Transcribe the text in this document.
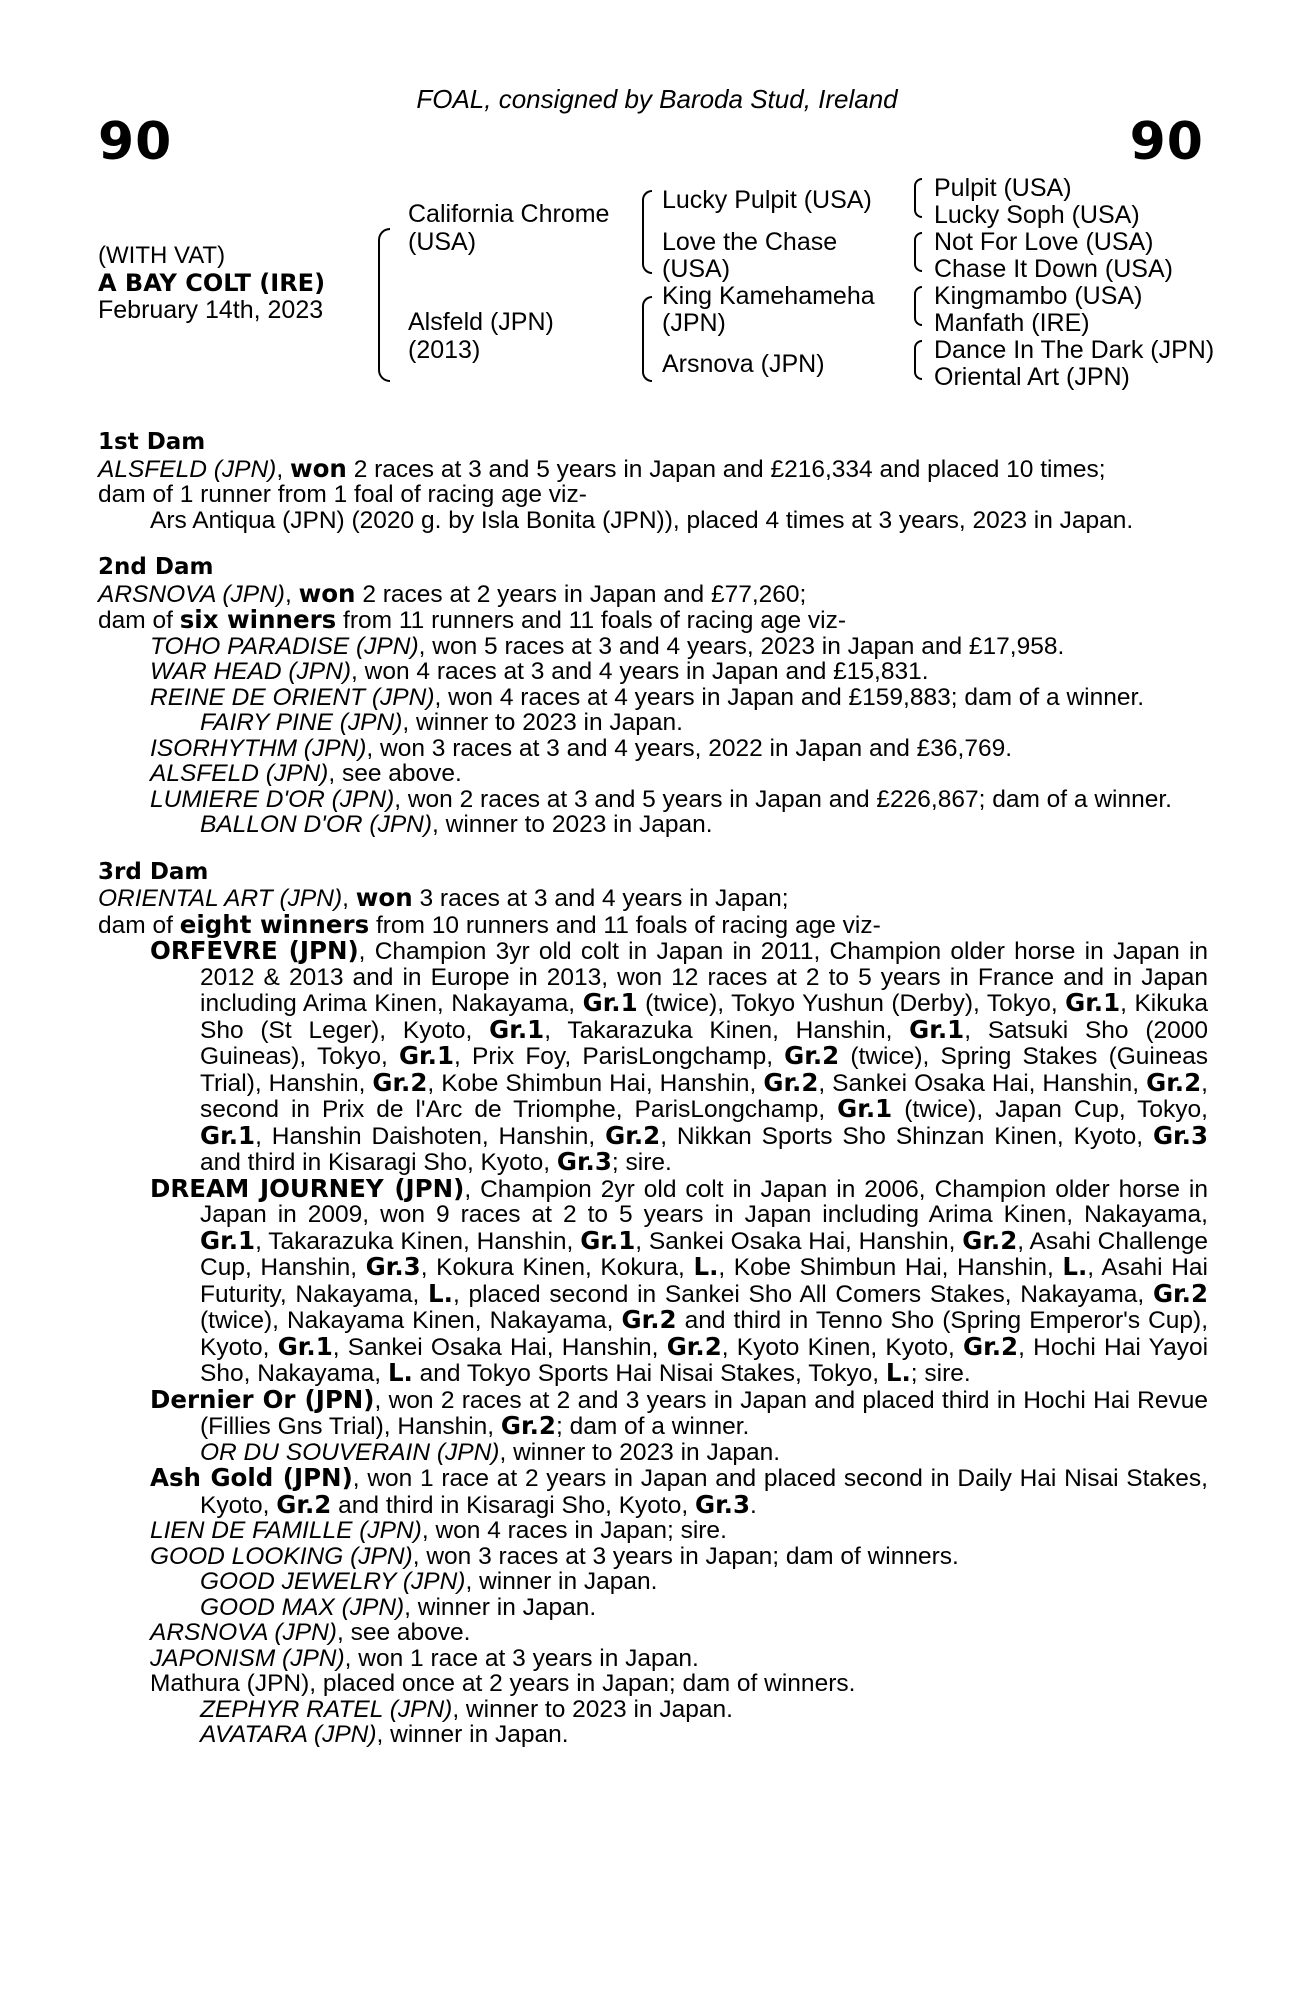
FOAL, consigned by Baroda Stud, Ireland
90	90
(WITH VAT)
A BAY COLT (IRE)
February 14th, 2023
California Chrome
(USA)
Alsfeld (JPN)
(2013)
Lucky Pulpit (USA)
Love the Chase
(USA)
King Kamehameha
(JPN)
Arsnova (JPN)
Pulpit (USA)
Lucky Soph (USA)
Not For Love (USA)
Chase It Down (USA)
Kingmambo (USA)
Manfath (IRE)
Dance In The Dark (JPN)
Oriental Art (JPN)
1st Dam

ALSFELD (JPN), won 2 races at 3 and 5 years in Japan and £216,334 and placed 10 times;

dam of 1 runner from 1 foal of racing age viz-

Ars Antiqua (JPN) (2020 g. by Isla Bonita (JPN)), placed 4 times at 3 years, 2023 in Japan.

2nd Dam

ARSNOVA (JPN), won 2 races at 2 years in Japan and £77,260;

dam of six winners from 11 runners and 11 foals of racing age viz-

TOHO PARADISE (JPN), won 5 races at 3 and 4 years, 2023 in Japan and £17,958.

WAR HEAD (JPN), won 4 races at 3 and 4 years in Japan and £15,831.

REINE DE ORIENT (JPN), won 4 races at 4 years in Japan and £159,883; dam of a winner.

FAIRY PINE (JPN), winner to 2023 in Japan.

ISORHYTHM (JPN), won 3 races at 3 and 4 years, 2022 in Japan and £36,769.

ALSFELD (JPN), see above.

LUMIERE D'OR (JPN), won 2 races at 3 and 5 years in Japan and £226,867; dam of a winner.

BALLON D'OR (JPN), winner to 2023 in Japan.

3rd Dam

ORIENTAL ART (JPN), won 3 races at 3 and 4 years in Japan;

dam of eight winners from 10 runners and 11 foals of racing age viz-

ORFEVRE (JPN), Champion 3yr old colt in Japan in 2011, Champion older horse in Japan in 2012 & 2013 and in Europe in 2013, won 12 races at 2 to 5 years in France and in Japan including Arima Kinen, Nakayama, Gr.1 (twice), Tokyo Yushun (Derby), Tokyo, Gr.1, Kikuka Sho (St Leger), Kyoto, Gr.1, Takarazuka Kinen, Hanshin, Gr.1, Satsuki Sho (2000 Guineas), Tokyo, Gr.1, Prix Foy, ParisLongchamp, Gr.2 (twice), Spring Stakes (Guineas Trial), Hanshin, Gr.2, Kobe Shimbun Hai, Hanshin, Gr.2, Sankei Osaka Hai, Hanshin, Gr.2, second in Prix de l'Arc de Triomphe, ParisLongchamp, Gr.1 (twice), Japan Cup, Tokyo, Gr.1, Hanshin Daishoten, Hanshin, Gr.2, Nikkan Sports Sho Shinzan Kinen, Kyoto, Gr.3 and third in Kisaragi Sho, Kyoto, Gr.3; sire.

DREAM JOURNEY (JPN), Champion 2yr old colt in Japan in 2006, Champion older horse in Japan in 2009, won 9 races at 2 to 5 years in Japan including Arima Kinen, Nakayama, Gr.1, Takarazuka Kinen, Hanshin, Gr.1, Sankei Osaka Hai, Hanshin, Gr.2, Asahi Challenge Cup, Hanshin, Gr.3, Kokura Kinen, Kokura, L., Kobe Shimbun Hai, Hanshin, L., Asahi Hai Futurity, Nakayama, L., placed second in Sankei Sho All Comers Stakes, Nakayama, Gr.2 (twice), Nakayama Kinen, Nakayama, Gr.2 and third in Tenno Sho (Spring Emperor's Cup), Kyoto, Gr.1, Sankei Osaka Hai, Hanshin, Gr.2, Kyoto Kinen, Kyoto, Gr.2, Hochi Hai Yayoi Sho, Nakayama, L. and Tokyo Sports Hai Nisai Stakes, Tokyo, L.; sire.

Dernier Or (JPN), won 2 races at 2 and 3 years in Japan and placed third in Hochi Hai Revue (Fillies Gns Trial), Hanshin, Gr.2; dam of a winner.

OR DU SOUVERAIN (JPN), winner to 2023 in Japan.

Ash Gold (JPN), won 1 race at 2 years in Japan and placed second in Daily Hai Nisai Stakes, Kyoto, Gr.2 and third in Kisaragi Sho, Kyoto, Gr.3.

LIEN DE FAMILLE (JPN), won 4 races in Japan; sire.

GOOD LOOKING (JPN), won 3 races at 3 years in Japan; dam of winners.

GOOD JEWELRY (JPN), winner in Japan.

GOOD MAX (JPN), winner in Japan.

ARSNOVA (JPN), see above.

JAPONISM (JPN), won 1 race at 3 years in Japan.

Mathura (JPN), placed once at 2 years in Japan; dam of winners.

ZEPHYR RATEL (JPN), winner to 2023 in Japan.

AVATARA (JPN), winner in Japan.
